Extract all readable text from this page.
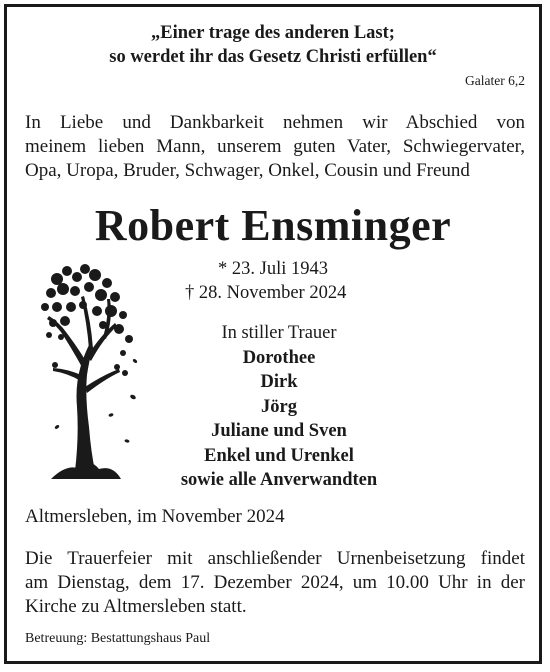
„Einer trage des anderen Last;
so werdet ihr das Gesetz Christi erfüllen“
Galater 6,2
In Liebe und Dankbarkeit nehmen wir Abschied von
meinem lieben Mann, unserem guten Vater, Schwiegervater,
Opa, Uropa, Bruder, Schwager, Onkel, Cousin und Freund
Robert Ensminger
* 23. Juli 1943
† 28. November 2024
In stiller Trauer
Dorothee
Dirk
Jörg
Juliane und Sven
Enkel und Urenkel
sowie alle Anverwandten
Altmersleben, im November 2024
Die Trauerfeier mit anschließender Urnenbeisetzung findet
am Dienstag, dem 17. Dezember 2024, um 10.00 Uhr in der
Kirche zu Altmersleben statt.
Betreuung: Bestattungshaus Paul
